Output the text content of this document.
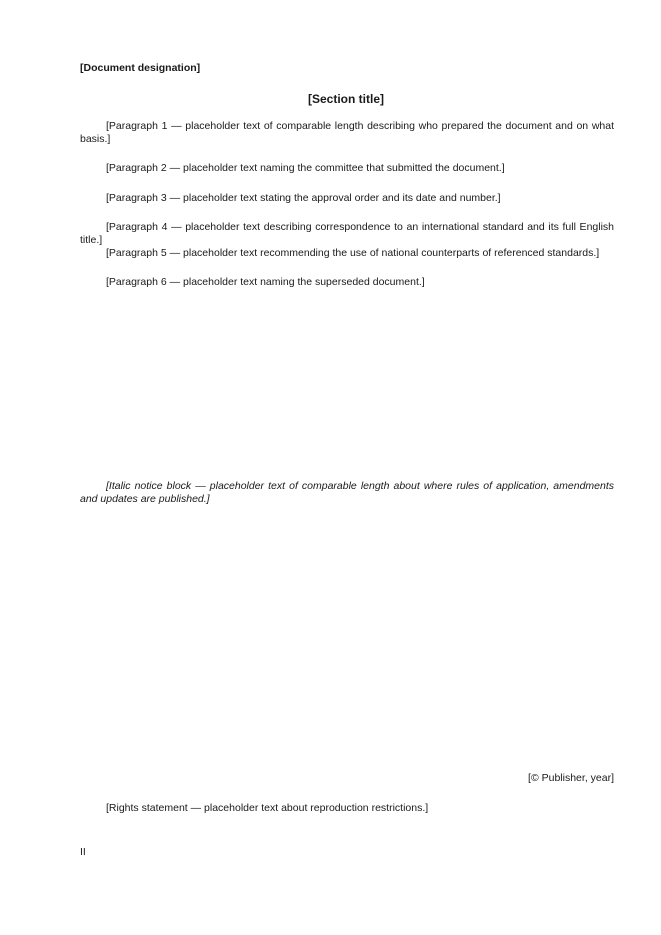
[Document designation]
[Section title]

[Paragraph 1 — placeholder text of comparable length describing who prepared the document and on what basis.]

[Paragraph 2 — placeholder text naming the committee that submitted the document.]

[Paragraph 3 — placeholder text stating the approval order and its date and number.]

[Paragraph 4 — placeholder text describing correspondence to an international standard and its full English title.]

[Paragraph 5 — placeholder text recommending the use of national counterparts of referenced standards.]

[Paragraph 6 — placeholder text naming the superseded document.]

[Italic notice block — placeholder text of comparable length about where rules of application, amendments and updates are published.]

[© Publisher, year]

[Rights statement — placeholder text about reproduction restrictions.]

II
